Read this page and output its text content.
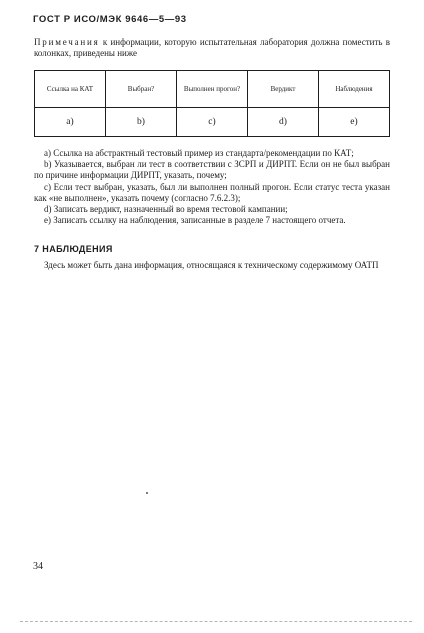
ГОСТ Р ИСО/МЭК 9646—5—93
Примечания к информации, которую испытательная лаборатория должна поместить в колонках, приведены ниже
Ссылка на КАТ	Выбран?	Выполнен прогон?	Вердикт	Наблюдения
a)	b)	c)	d)	e)

а) Ссылка на абстрактный тестовый пример из стандарта/рекомендации по КАТ;

b) Указывается, выбран ли тест в соответствии с ЗСРП и ДИРПТ. Если он не был выбран по причине информации ДИРПТ, указать, почему;

с) Если тест выбран, указать, был ли выполнен полный прогон. Если статус теста указан как «не выполнен», указать почему (согласно 7.6.2.3);

d) Записать вердикт, назначенный во время тестовой кампании;

е) Записать ссылку на наблюдения, записанные в разделе 7 настоящего отчета.

7 НАБЛЮДЕНИЯ
Здесь может быть дана информация, относящаяся к техническому содержимому ОАТП
34
